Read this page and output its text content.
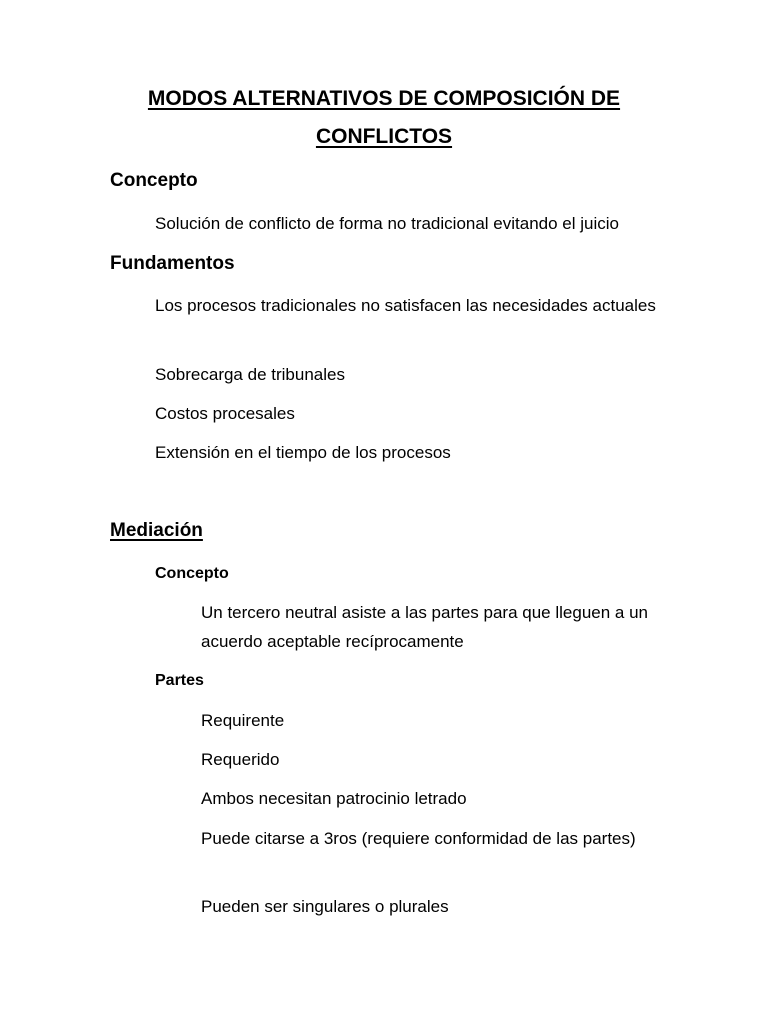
MODOS ALTERNATIVOS DE COMPOSICIÓN DE CONFLICTOS
Concepto

Solución de conflicto de forma no tradicional evitando el juicio

Fundamentos

Los procesos tradicionales no satisfacen las necesidades actuales

Sobrecarga de tribunales

Costos procesales

Extensión en el tiempo de los procesos

Mediación
Concepto

Un tercero neutral asiste a las partes para que lleguen a un acuerdo aceptable recíprocamente

Partes

Requirente

Requerido

Ambos necesitan patrocinio letrado

Puede citarse a 3ros (requiere conformidad de las partes)

Pueden ser singulares o plurales
